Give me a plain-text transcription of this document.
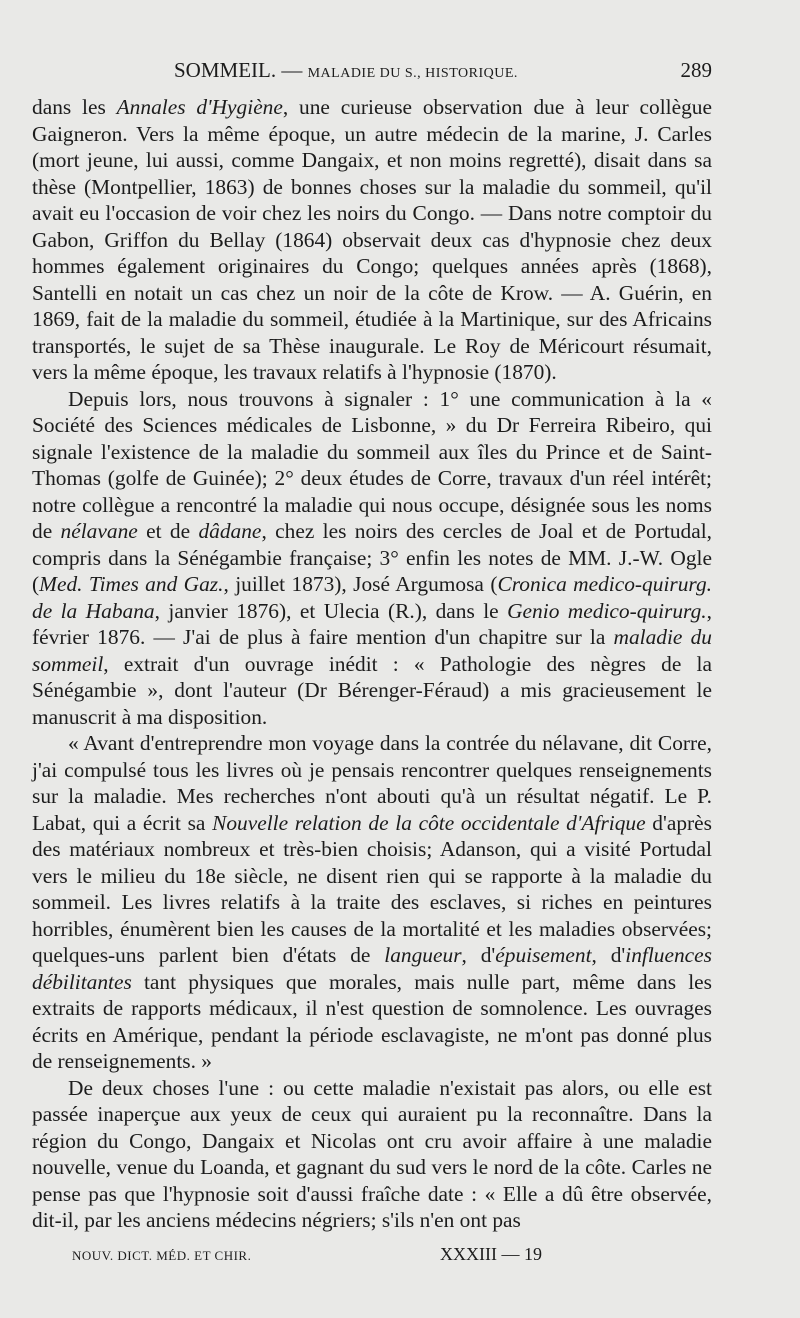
SOMMEIL. — MALADIE DU S., HISTORIQUE.	289

dans les Annales d'Hygiène, une curieuse observation due à leur collègue Gaigneron. Vers la même époque, un autre médecin de la marine, J. Carles (mort jeune, lui aussi, comme Dangaix, et non moins regretté), disait dans sa thèse (Montpellier, 1863) de bonnes choses sur la maladie du sommeil, qu'il avait eu l'occasion de voir chez les noirs du Congo. — Dans notre comptoir du Gabon, Griffon du Bellay (1864) observait deux cas d'hypnosie chez deux hommes également originaires du Congo; quelques années après (1868), Santelli en notait un cas chez un noir de la côte de Krow. — A. Guérin, en 1869, fait de la maladie du sommeil, étudiée à la Martinique, sur des Africains transportés, le sujet de sa Thèse inaugurale. Le Roy de Méricourt résumait, vers la même époque, les travaux relatifs à l'hypnosie (1870).

Depuis lors, nous trouvons à signaler : 1° une communication à la « Société des Sciences médicales de Lisbonne, » du Dr Ferreira Ribeiro, qui signale l'existence de la maladie du sommeil aux îles du Prince et de Saint-Thomas (golfe de Guinée); 2° deux études de Corre, travaux d'un réel intérêt; notre collègue a rencontré la maladie qui nous occupe, désignée sous les noms de nélavane et de dâdane, chez les noirs des cercles de Joal et de Portudal, compris dans la Sénégambie française; 3° enfin les notes de MM. J.-W. Ogle (Med. Times and Gaz., juillet 1873), José Argumosa (Cronica medico-quirurg. de la Habana, janvier 1876), et Ulecia (R.), dans le Genio medico-quirurg., février 1876. — J'ai de plus à faire mention d'un chapitre sur la maladie du sommeil, extrait d'un ouvrage inédit : « Pathologie des nègres de la Sénégambie », dont l'auteur (Dr Bérenger-Féraud) a mis gracieusement le manuscrit à ma disposition.

« Avant d'entreprendre mon voyage dans la contrée du nélavane, dit Corre, j'ai compulsé tous les livres où je pensais rencontrer quelques renseignements sur la maladie. Mes recherches n'ont abouti qu'à un résultat négatif. Le P. Labat, qui a écrit sa Nouvelle relation de la côte occidentale d'Afrique d'après des matériaux nombreux et très-bien choisis; Adanson, qui a visité Portudal vers le milieu du 18e siècle, ne disent rien qui se rapporte à la maladie du sommeil. Les livres relatifs à la traite des esclaves, si riches en peintures horribles, énumèrent bien les causes de la mortalité et les maladies observées; quelques-uns parlent bien d'états de langueur, d'épuisement, d'influences débilitantes tant physiques que morales, mais nulle part, même dans les extraits de rapports médicaux, il n'est question de somnolence. Les ouvrages écrits en Amérique, pendant la période esclavagiste, ne m'ont pas donné plus de renseignements. »

De deux choses l'une : ou cette maladie n'existait pas alors, ou elle est passée inaperçue aux yeux de ceux qui auraient pu la reconnaître. Dans la région du Congo, Dangaix et Nicolas ont cru avoir affaire à une maladie nouvelle, venue du Loanda, et gagnant du sud vers le nord de la côte. Carles ne pense pas que l'hypnosie soit d'aussi fraîche date : « Elle a dû être observée, dit-il, par les anciens médecins négriers; s'ils n'en ont pas

NOUV. DICT. MÉD. ET CHIR.	XXXIII — 19
